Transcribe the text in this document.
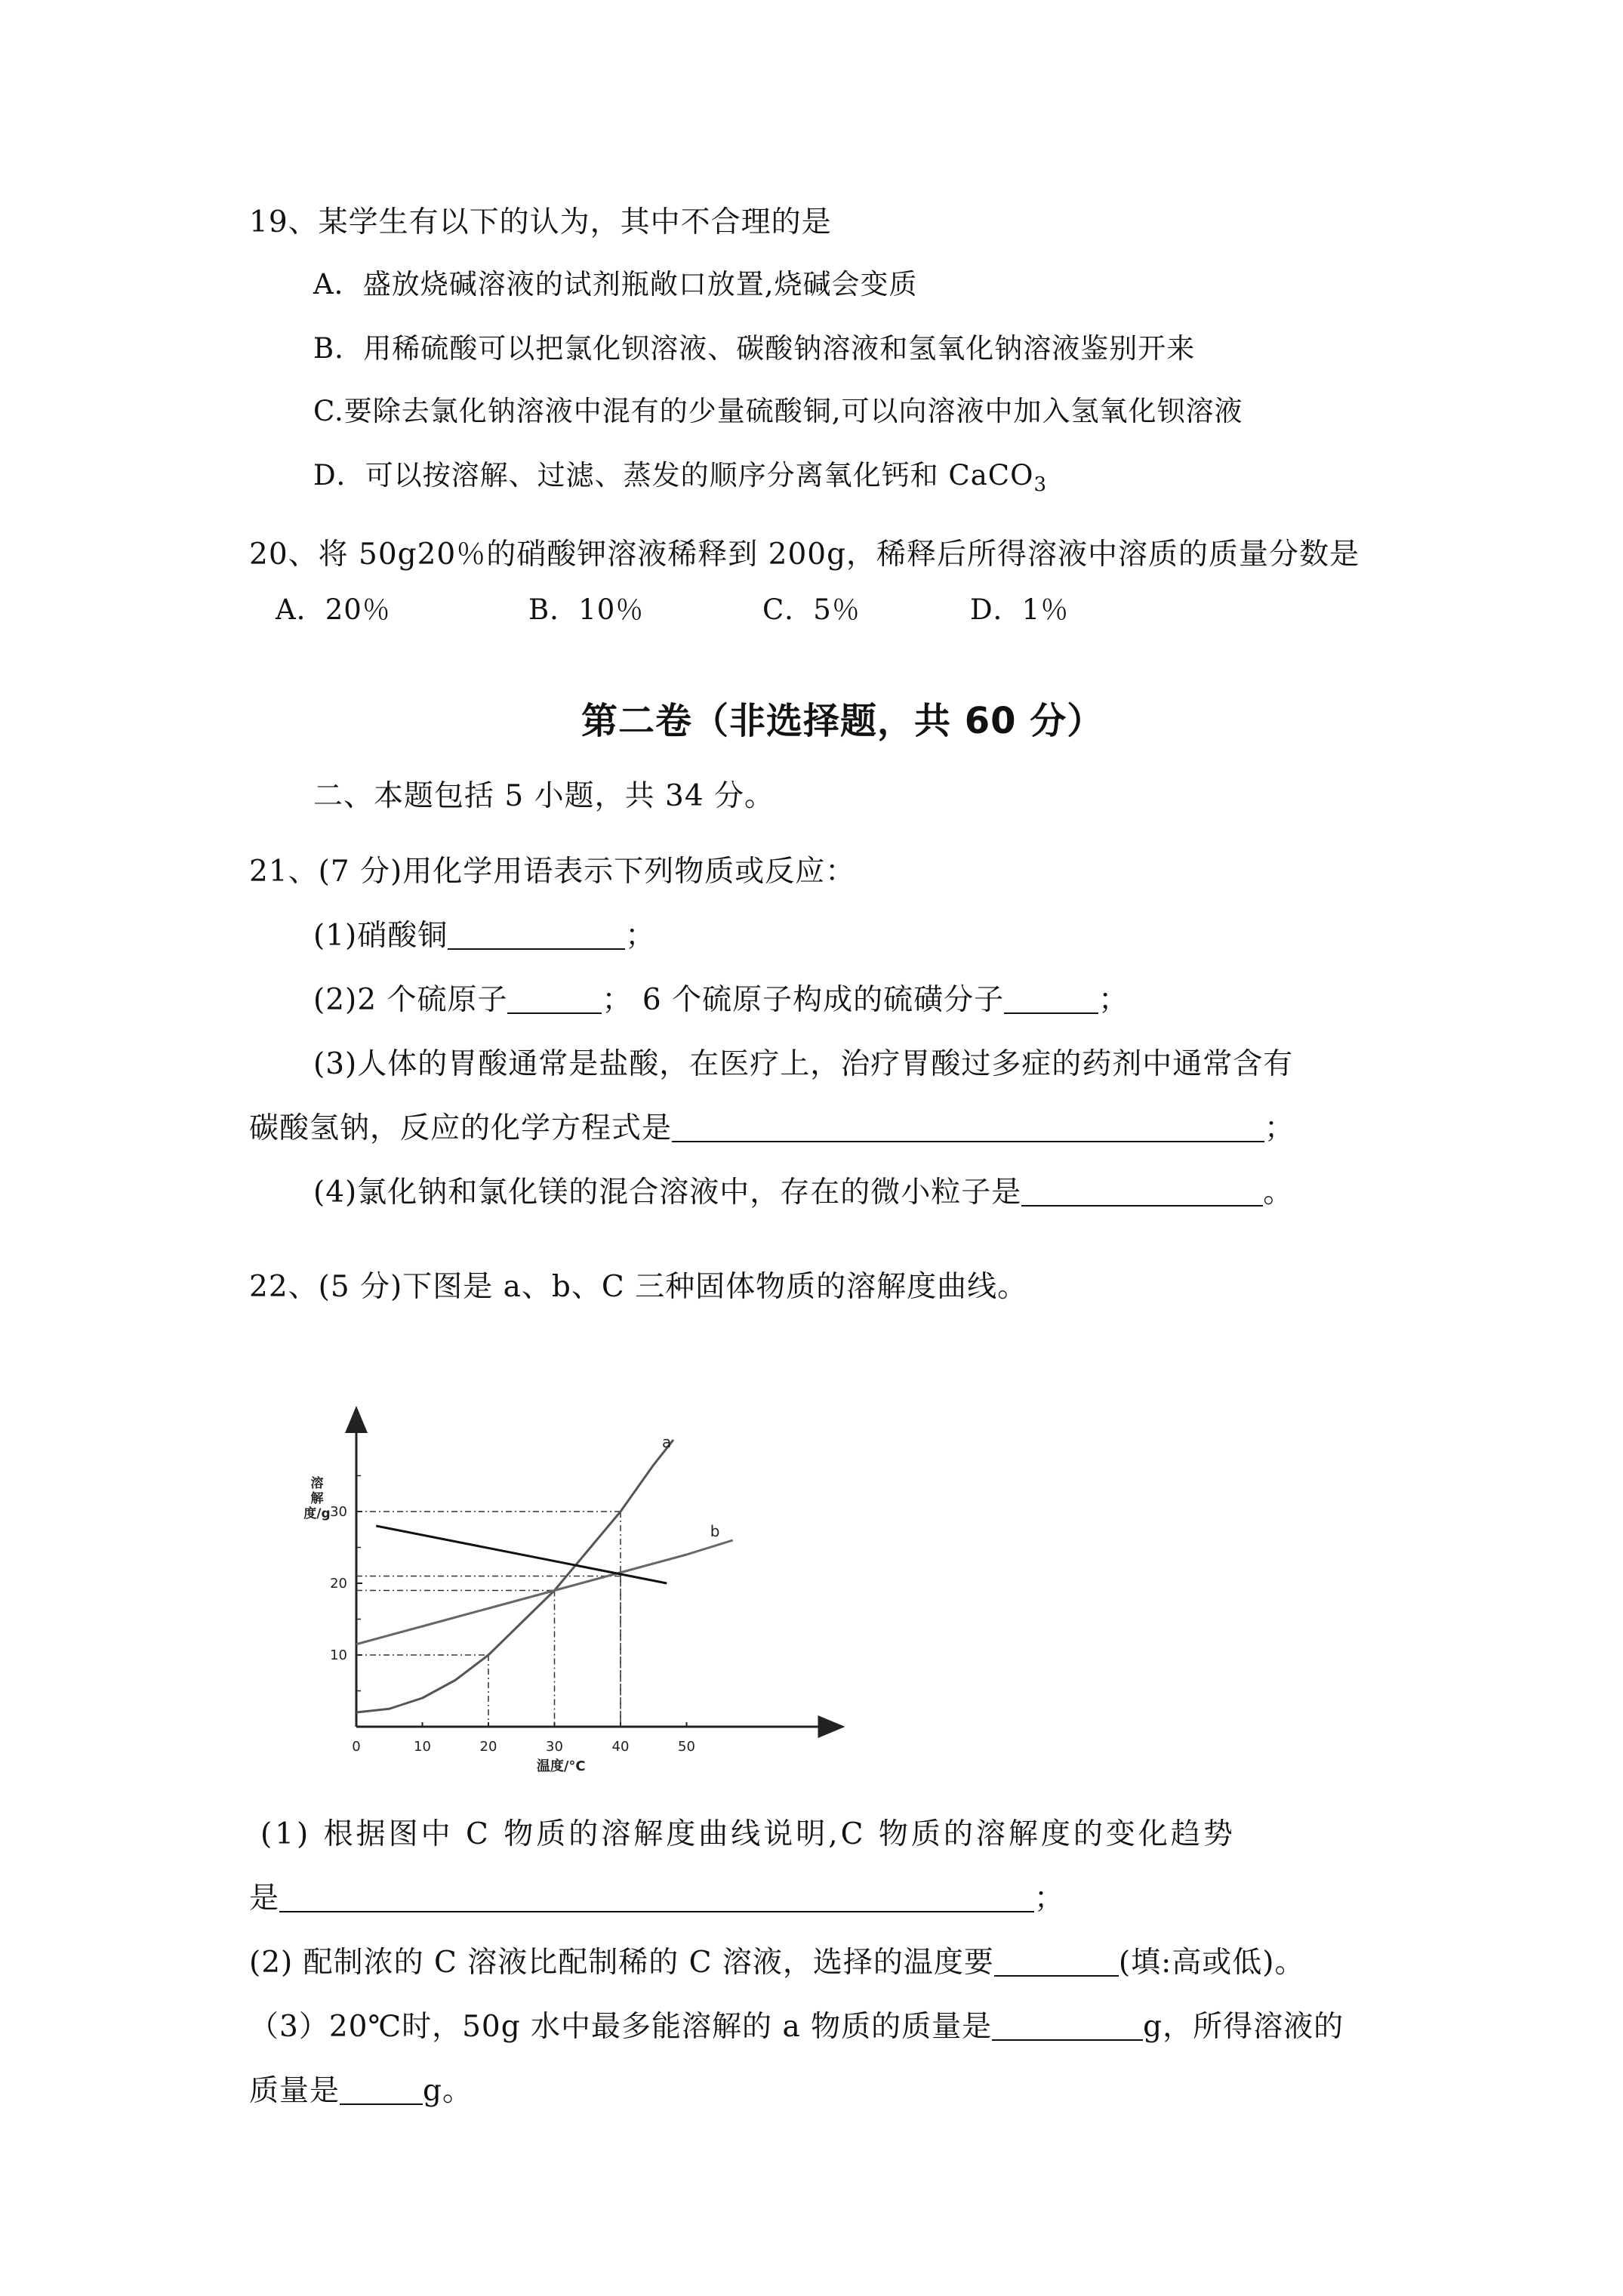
19、某学生有以下的认为，其中不合理的是
A．盛放烧碱溶液的试剂瓶敞口放置,烧碱会变质
B．用稀硫酸可以把氯化钡溶液、碳酸钠溶液和氢氧化钠溶液鉴别开来
C.要除去氯化钠溶液中混有的少量硫酸铜,可以向溶液中加入氢氧化钡溶液
D．可以按溶解、过滤、蒸发的顺序分离氧化钙和 CaCO$_3$
20、将 50g20％的硝酸钾溶液稀释到 200g，稀释后所得溶液中溶质的质量分数是
A．20％	B．10％	C．5％	D．1％
第二卷（非选择题，共 60 分）
二、本题包括 5 小题，共 34 分。
21、(7 分)用化学用语表示下列物质或反应：
(1)硝酸铜	；
(2)2 个硫原子	； 6 个硫原子构成的硫磺分子	；
(3)人体的胃酸通常是盐酸，在医疗上，治疗胃酸过多症的药剂中通常含有
碳酸氢钠，反应的化学方程式是	；
(4)氯化钠和氯化镁的混合溶液中，存在的微小粒子是	。
22、(5 分)下图是 a、b、C 三种固体物质的溶解度曲线。
0	10	20	30	40	50
10
20
30
a
b
溶
解
度/g
温度/°C
(1) 根据图中 C 物质的溶解度曲线说明,C 物质的溶解度的变化趋势
是	；
(2) 配制浓的 C 溶液比配制稀的 C 溶液，选择的温度要	(填:高或低)。
（3）20℃时，50g 水中最多能溶解的 a 物质的质量是	g，所得溶液的
质量是	g。
